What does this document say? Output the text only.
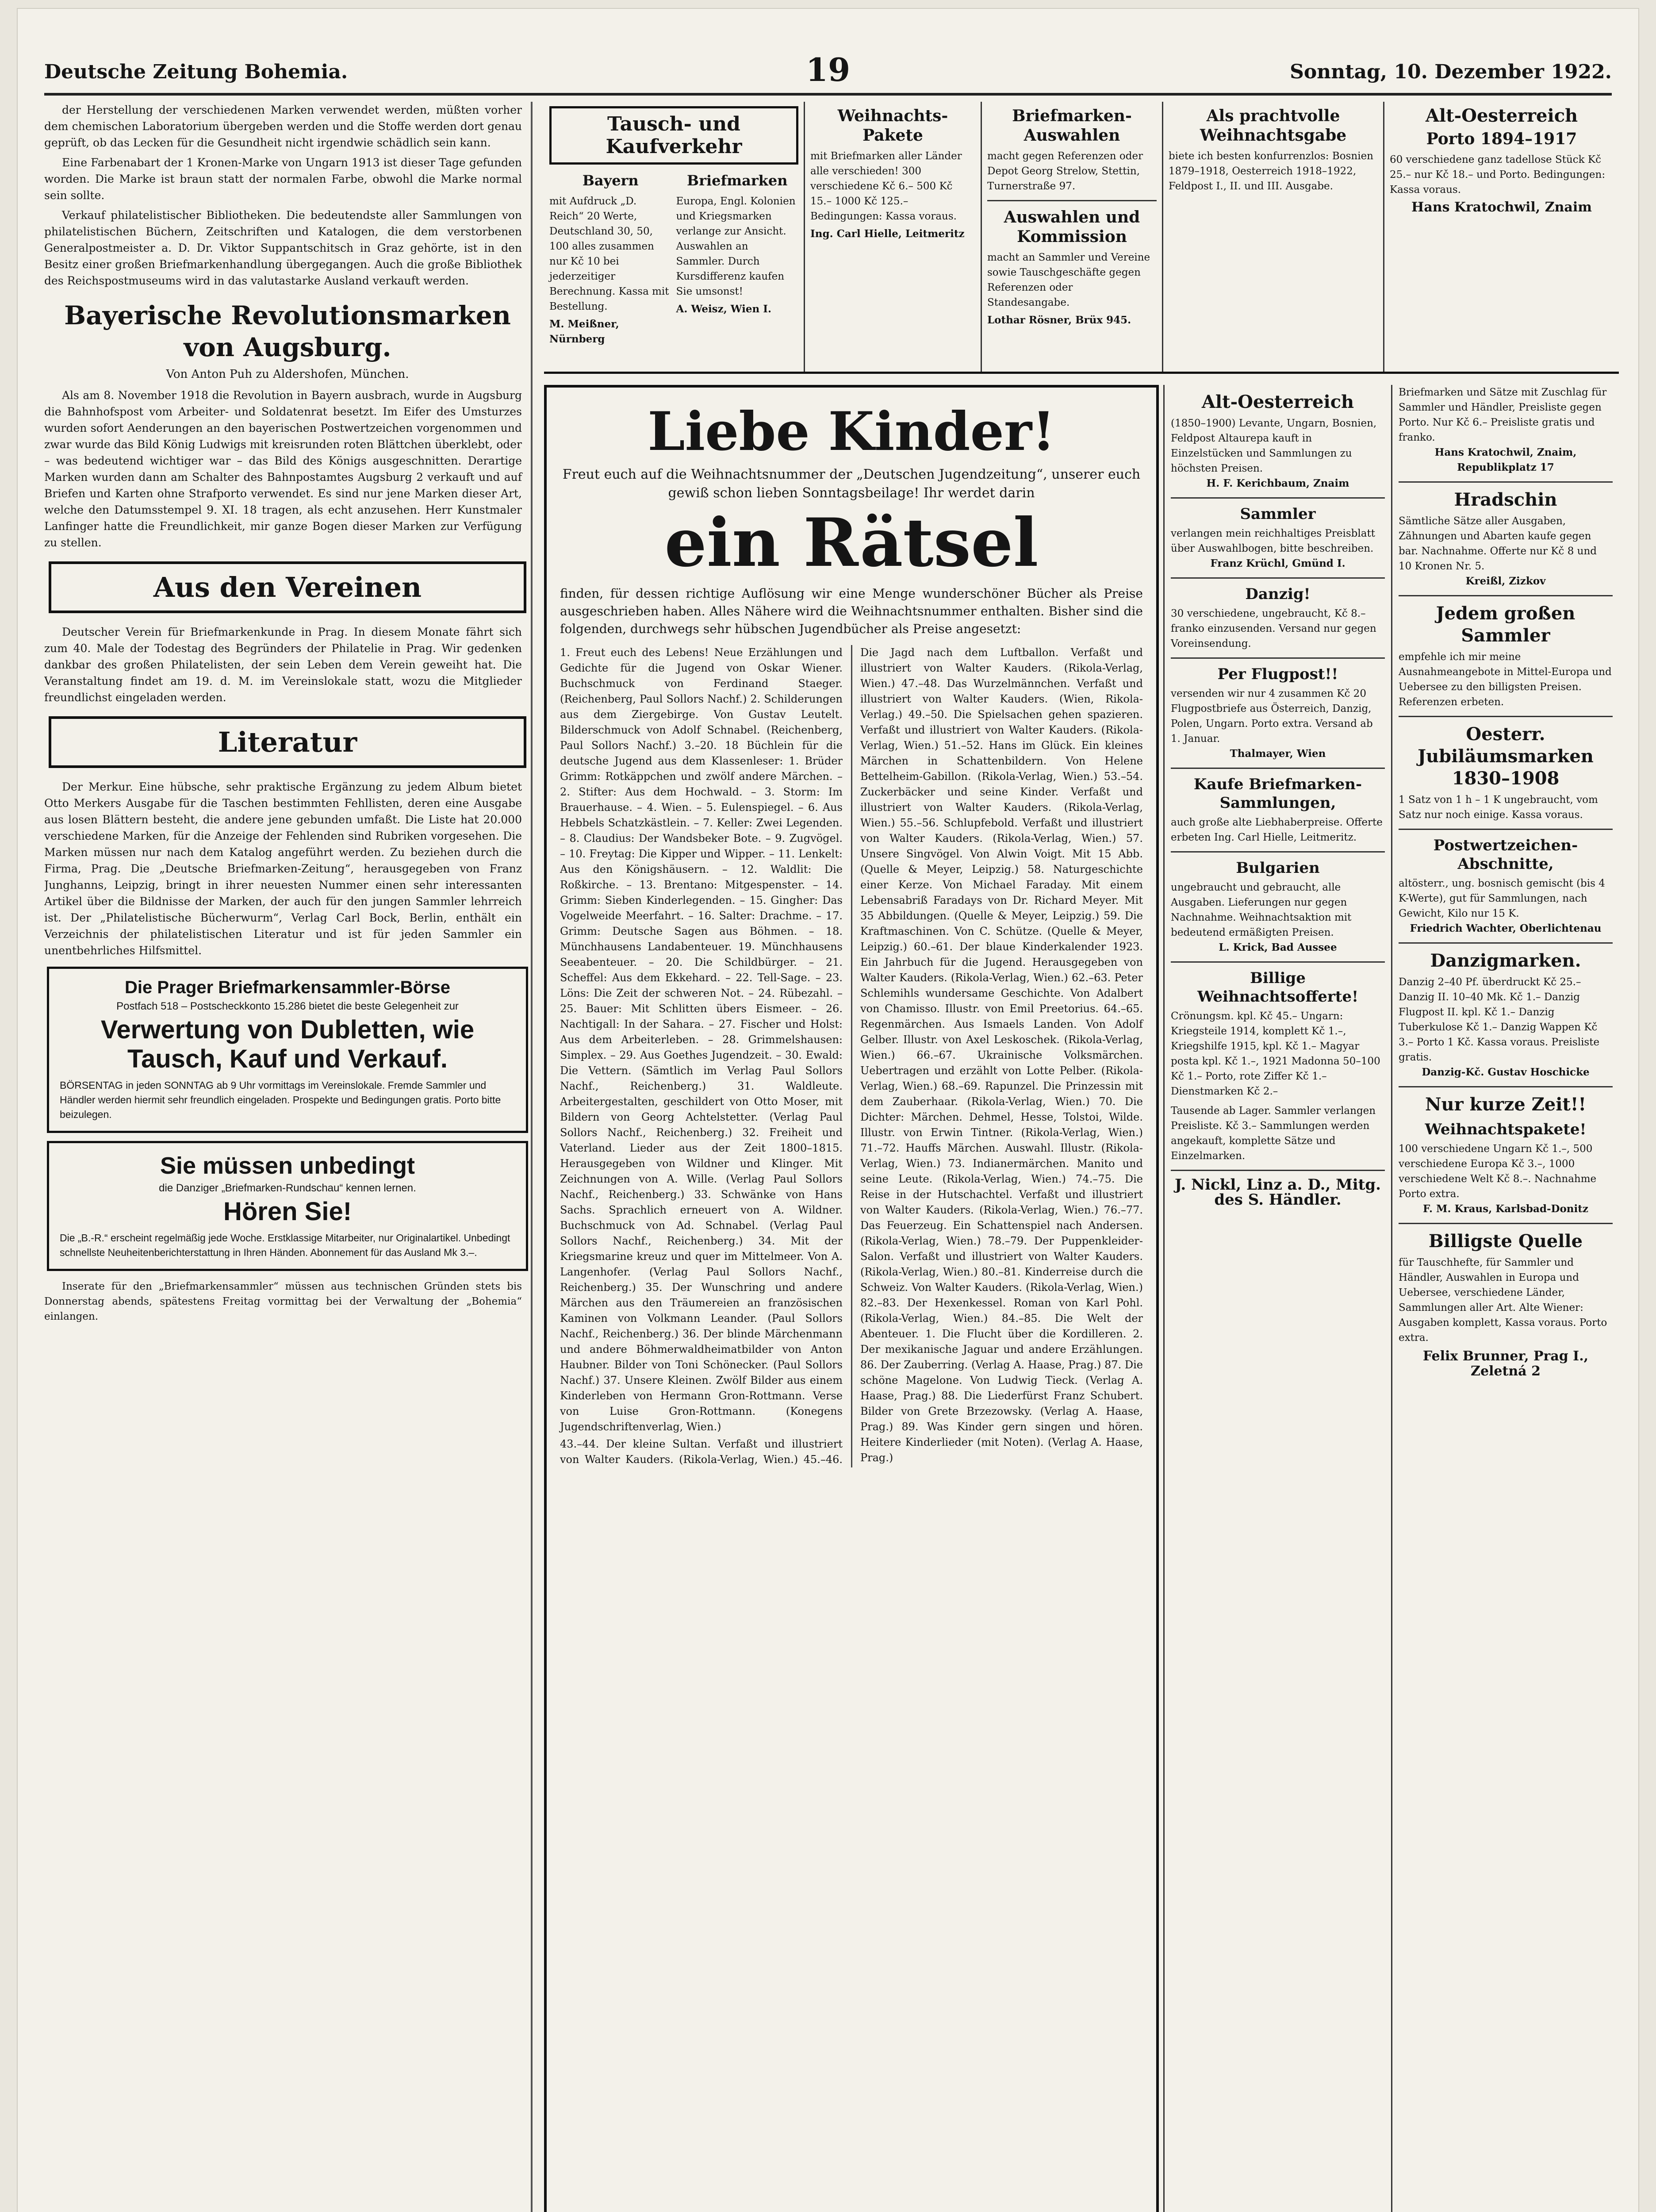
Deutsche Zeitung Bohemia.	19	Sonntag, 10. Dezember 1922.

der Herstellung der verschiedenen Marken verwendet werden, müßten vorher dem chemischen Laboratorium übergeben werden und die Stoffe werden dort genau geprüft, ob das Lecken für die Gesundheit nicht irgendwie schädlich sein kann.

Eine Farbenabart der 1 Kronen-Marke von Ungarn 1913 ist dieser Tage gefunden worden. Die Marke ist braun statt der normalen Farbe, obwohl die Marke normal sein sollte.

Verkauf philatelistischer Bibliotheken. Die bedeutendste aller Sammlungen von philatelistischen Büchern, Zeitschriften und Katalogen, die dem verstorbenen Generalpostmeister a. D. Dr. Viktor Suppantschitsch in Graz gehörte, ist in den Besitz einer großen Briefmarkenhandlung übergegangen. Auch die große Bibliothek des Reichspostmuseums wird in das valutastarke Ausland verkauft werden.

Bayerische Revolutionsmarken von Augsburg.
Von Anton Puh zu Aldershofen, München.

Als am 8. November 1918 die Revolution in Bayern ausbrach, wurde in Augsburg die Bahnhofspost vom Arbeiter- und Soldatenrat besetzt. Im Eifer des Umsturzes wurden sofort Aenderungen an den bayerischen Postwertzeichen vorgenommen und zwar wurde das Bild König Ludwigs mit kreisrunden roten Blättchen überklebt, oder – was bedeutend wichtiger war – das Bild des Königs ausgeschnitten. Derartige Marken wurden dann am Schalter des Bahnpostamtes Augsburg 2 verkauft und auf Briefen und Karten ohne Strafporto verwendet. Es sind nur jene Marken dieser Art, welche den Datumsstempel 9. XI. 18 tragen, als echt anzusehen. Herr Kunstmaler Lanfinger hatte die Freundlichkeit, mir ganze Bogen dieser Marken zur Verfügung zu stellen.

Aus den Vereinen

Deutscher Verein für Briefmarkenkunde in Prag. In diesem Monate fährt sich zum 40. Male der Todestag des Begründers der Philatelie in Prag. Wir gedenken dankbar des großen Philatelisten, der sein Leben dem Verein geweiht hat. Die Veranstaltung findet am 19. d. M. im Vereinslokale statt, wozu die Mitglieder freundlichst eingeladen werden.

Literatur

Der Merkur. Eine hübsche, sehr praktische Ergänzung zu jedem Album bietet Otto Merkers Ausgabe für die Taschen bestimmten Fehllisten, deren eine Ausgabe aus losen Blättern besteht, die andere jene gebunden umfaßt. Die Liste hat 20.000 verschiedene Marken, für die Anzeige der Fehlenden sind Rubriken vorgesehen. Die Marken müssen nur nach dem Katalog angeführt werden. Zu beziehen durch die Firma, Prag. Die „Deutsche Briefmarken-Zeitung“, herausgegeben von Franz Junghanns, Leipzig, bringt in ihrer neuesten Nummer einen sehr interessanten Artikel über die Bildnisse der Marken, der auch für den jungen Sammler lehrreich ist. Der „Philatelistische Bücherwurm“, Verlag Carl Bock, Berlin, enthält ein Verzeichnis der philatelistischen Literatur und ist für jeden Sammler ein unentbehrliches Hilfsmittel.

Die Prager Briefmarkensammler-Börse
Postfach 518 – Postscheckkonto 15.286 bietet die beste Gelegenheit zur
Verwertung von Dubletten, wie Tausch, Kauf und Verkauf.
BÖRSENTAG in jeden SONNTAG ab 9 Uhr vormittags im Vereinslokale. Fremde Sammler und Händler werden hiermit sehr freundlich eingeladen. Prospekte und Bedingungen gratis. Porto bitte beizulegen.
Sie müssen unbedingt
die Danziger „Briefmarken-Rundschau“ kennen lernen.
Hören Sie!
Die „B.-R.“ erscheint regelmäßig jede Woche. Erstklassige Mitarbeiter, nur Originalartikel. Unbedingt schnellste Neuheitenberichterstattung in Ihren Händen. Abonnement für das Ausland Mk 3.–.

Inserate für den „Briefmarkensammler“ müssen aus technischen Gründen stets bis Donnerstag abends, spätestens Freitag vormittag bei der Verwaltung der „Bohemia“ einlangen.

Tausch- und Kaufverkehr
Bayern
mit Aufdruck „D. Reich“ 20 Werte, Deutschland 30, 50, 100 alles zusammen nur Kč 10 bei jederzeitiger Berechnung. Kassa mit Bestellung.
M. Meißner, Nürnberg
Briefmarken
Europa, Engl. Kolonien und Kriegsmarken verlange zur Ansicht. Auswahlen an Sammler. Durch Kursdifferenz kaufen Sie umsonst!
A. Weisz, Wien I.
Weihnachts-Pakete
mit Briefmarken aller Länder alle verschieden! 300 verschiedene Kč 6.– 500 Kč 15.– 1000 Kč 125.– Bedingungen: Kassa voraus.
Ing. Carl Hielle, Leitmeritz
Briefmarken-Auswahlen
macht gegen Referenzen oder Depot Georg Strelow, Stettin, Turnerstraße 97.
Auswahlen und Kommission
macht an Sammler und Vereine sowie Tauschgeschäfte gegen Referenzen oder Standesangabe.
Lothar Rösner, Brüx 945.
Als prachtvolle Weihnachtsgabe
biete ich besten konfurrenzlos: Bosnien 1879–1918, Oesterreich 1918–1922, Feldpost I., II. und III. Ausgabe.
Alt-Oesterreich
Porto 1894–1917
60 verschiedene ganz tadellose Stück Kč 25.– nur Kč 18.– und Porto. Bedingungen: Kassa voraus.
Hans Kratochwil, Znaim
Liebe Kinder!
Freut euch auf die Weihnachtsnummer der „Deutschen Jugendzeitung“, unserer euch gewiß schon lieben Sonntagsbeilage! Ihr werdet darin
ein Rätsel
finden, für dessen richtige Auflösung wir eine Menge wunderschöner Bücher als Preise ausgeschrieben haben. Alles Nähere wird die Weihnachtsnummer enthalten. Bisher sind die folgenden, durchwegs sehr hübschen Jugendbücher als Preise angesetzt:

1. Freut euch des Lebens! Neue Erzählungen und Gedichte für die Jugend von Oskar Wiener. Buchschmuck von Ferdinand Staeger. (Reichenberg, Paul Sollors Nachf.) 2. Schilderungen aus dem Ziergebirge. Von Gustav Leutelt. Bilderschmuck von Adolf Schnabel. (Reichenberg, Paul Sollors Nachf.) 3.–20. 18 Büchlein für die deutsche Jugend aus dem Klassenleser: 1. Brüder Grimm: Rotkäppchen und zwölf andere Märchen. – 2. Stifter: Aus dem Hochwald. – 3. Storm: Im Brauerhause. – 4. Wien. – 5. Eulenspiegel. – 6. Aus Hebbels Schatzkästlein. – 7. Keller: Zwei Legenden. – 8. Claudius: Der Wandsbeker Bote. – 9. Zugvögel. – 10. Freytag: Die Kipper und Wipper. – 11. Lenkelt: Aus den Königshäusern. – 12. Waldlit: Die Roßkirche. – 13. Brentano: Mitgespenster. – 14. Grimm: Sieben Kinderlegenden. – 15. Gingher: Das Vogelweide Meerfahrt. – 16. Salter: Drachme. – 17. Grimm: Deutsche Sagen aus Böhmen. – 18. Münchhausens Landabenteuer. 19. Münchhausens Seeabenteuer. – 20. Die Schildbürger. – 21. Scheffel: Aus dem Ekkehard. – 22. Tell-Sage. – 23. Löns: Die Zeit der schweren Not. – 24. Rübezahl. – 25. Bauer: Mit Schlitten übers Eismeer. – 26. Nachtigall: In der Sahara. – 27. Fischer und Holst: Aus dem Arbeiterleben. – 28. Grimmelshausen: Simplex. – 29. Aus Goethes Jugendzeit. – 30. Ewald: Die Vettern. (Sämtlich im Verlag Paul Sollors Nachf., Reichenberg.) 31. Waldleute. Arbeitergestalten, geschildert von Otto Moser, mit Bildern von Georg Achtelstetter. (Verlag Paul Sollors Nachf., Reichenberg.) 32. Freiheit und Vaterland. Lieder aus der Zeit 1800–1815. Herausgegeben von Wildner und Klinger. Mit Zeichnungen von A. Wille. (Verlag Paul Sollors Nachf., Reichenberg.) 33. Schwänke von Hans Sachs. Sprachlich erneuert von A. Wildner. Buchschmuck von Ad. Schnabel. (Verlag Paul Sollors Nachf., Reichenberg.) 34. Mit der Kriegsmarine kreuz und quer im Mittelmeer. Von A. Langenhofer. (Verlag Paul Sollors Nachf., Reichenberg.) 35. Der Wunschring und andere Märchen aus den Träumereien an französischen Kaminen von Volkmann Leander. (Paul Sollors Nachf., Reichenberg.) 36. Der blinde Märchenmann und andere Böhmerwaldheimatbilder von Anton Haubner. Bilder von Toni Schönecker. (Paul Sollors Nachf.) 37. Unsere Kleinen. Zwölf Bilder aus einem Kinderleben von Hermann Gron-Rottmann. Verse von Luise Gron-Rottmann. (Konegens Jugendschriftenverlag, Wien.)

43.–44. Der kleine Sultan. Verfaßt und illustriert von Walter Kauders. (Rikola-Verlag, Wien.) 45.–46. Die Jagd nach dem Luftballon. Verfaßt und illustriert von Walter Kauders. (Rikola-Verlag, Wien.) 47.–48. Das Wurzelmännchen. Verfaßt und illustriert von Walter Kauders. (Wien, Rikola-Verlag.) 49.–50. Die Spielsachen gehen spazieren. Verfaßt und illustriert von Walter Kauders. (Rikola-Verlag, Wien.) 51.–52. Hans im Glück. Ein kleines Märchen in Schattenbildern. Von Helene Bettelheim-Gabillon. (Rikola-Verlag, Wien.) 53.–54. Zuckerbäcker und seine Kinder. Verfaßt und illustriert von Walter Kauders. (Rikola-Verlag, Wien.) 55.–56. Schlupfebold. Verfaßt und illustriert von Walter Kauders. (Rikola-Verlag, Wien.) 57. Unsere Singvögel. Von Alwin Voigt. Mit 15 Abb. (Quelle & Meyer, Leipzig.) 58. Naturgeschichte einer Kerze. Von Michael Faraday. Mit einem Lebensabriß Faradays von Dr. Richard Meyer. Mit 35 Abbildungen. (Quelle & Meyer, Leipzig.) 59. Die Kraftmaschinen. Von C. Schütze. (Quelle & Meyer, Leipzig.) 60.–61. Der blaue Kinderkalender 1923. Ein Jahrbuch für die Jugend. Herausgegeben von Walter Kauders. (Rikola-Verlag, Wien.) 62.–63. Peter Schlemihls wundersame Geschichte. Von Adalbert von Chamisso. Illustr. von Emil Preetorius. 64.–65. Regenmärchen. Aus Ismaels Landen. Von Adolf Gelber. Illustr. von Axel Leskoschek. (Rikola-Verlag, Wien.) 66.–67. Ukrainische Volksmärchen. Uebertragen und erzählt von Lotte Pelber. (Rikola-Verlag, Wien.) 68.–69. Rapunzel. Die Prinzessin mit dem Zauberhaar. (Rikola-Verlag, Wien.) 70. Die Dichter: Märchen. Dehmel, Hesse, Tolstoi, Wilde. Illustr. von Erwin Tintner. (Rikola-Verlag, Wien.) 71.–72. Hauffs Märchen. Auswahl. Illustr. (Rikola-Verlag, Wien.) 73. Indianermärchen. Manito und seine Leute. (Rikola-Verlag, Wien.) 74.–75. Die Reise in der Hutschachtel. Verfaßt und illustriert von Walter Kauders. (Rikola-Verlag, Wien.) 76.–77. Das Feuerzeug. Ein Schattenspiel nach Andersen. (Rikola-Verlag, Wien.) 78.–79. Der Puppenkleider-Salon. Verfaßt und illustriert von Walter Kauders. (Rikola-Verlag, Wien.) 80.–81. Kinderreise durch die Schweiz. Von Walter Kauders. (Rikola-Verlag, Wien.) 82.–83. Der Hexenkessel. Roman von Karl Pohl. (Rikola-Verlag, Wien.) 84.–85. Die Welt der Abenteuer. 1. Die Flucht über die Kordilleren. 2. Der mexikanische Jaguar und andere Erzählungen. 86. Der Zauberring. (Verlag A. Haase, Prag.) 87. Die schöne Magelone. Von Ludwig Tieck. (Verlag A. Haase, Prag.) 88. Die Liederfürst Franz Schubert. Bilder von Grete Brzezowsky. (Verlag A. Haase, Prag.) 89. Was Kinder gern singen und hören. Heitere Kinderlieder (mit Noten). (Verlag A. Haase, Prag.)

Alt-Oesterreich
(1850–1900) Levante, Ungarn, Bosnien, Feldpost Altaurepa kauft in Einzelstücken und Sammlungen zu höchsten Preisen.
H. F. Kerichbaum, Znaim
Sammler
verlangen mein reichhaltiges Preisblatt über Auswahlbogen, bitte beschreiben.
Franz Krüchl, Gmünd I.
Danzig!
30 verschiedene, ungebraucht, Kč 8.– franko einzusenden. Versand nur gegen Voreinsendung.
Per Flugpost!!
versenden wir nur 4 zusammen Kč 20 Flugpostbriefe aus Österreich, Danzig, Polen, Ungarn. Porto extra. Versand ab 1. Januar.
Thalmayer, Wien
Kaufe Briefmarken-Sammlungen,
auch große alte Liebhaberpreise. Offerte erbeten Ing. Carl Hielle, Leitmeritz.
Bulgarien
ungebraucht und gebraucht, alle Ausgaben. Lieferungen nur gegen Nachnahme. Weihnachtsaktion mit bedeutend ermäßigten Preisen.
L. Krick, Bad Aussee
Billige Weihnachtsofferte!
Crönungsm. kpl. Kč 45.– Ungarn: Kriegsteile 1914, komplett Kč 1.–, Kriegshilfe 1915, kpl. Kč 1.– Magyar posta kpl. Kč 1.–, 1921 Madonna 50–100 Kč 1.– Porto, rote Ziffer Kč 1.– Dienstmarken Kč 2.–
Tausende ab Lager. Sammler verlangen Preisliste. Kč 3.– Sammlungen werden angekauft, komplette Sätze und Einzelmarken.
J. Nickl, Linz a. D., Mitg. des S. Händler.
Briefmarken und Sätze mit Zuschlag für Sammler und Händler, Preisliste gegen Porto. Nur Kč 6.– Preisliste gratis und franko.
Hans Kratochwil, Znaim, Republikplatz 17
Hradschin
Sämtliche Sätze aller Ausgaben, Zähnungen und Abarten kaufe gegen bar. Nachnahme. Offerte nur Kč 8 und 10 Kronen Nr. 5.
Kreißl, Zizkov
Jedem großen Sammler
empfehle ich mir meine Ausnahmeangebote in Mittel-Europa und Uebersee zu den billigsten Preisen. Referenzen erbeten.
Oesterr. Jubiläumsmarken 1830–1908
1 Satz von 1 h – 1 K ungebraucht, vom Satz nur noch einige. Kassa voraus.
Postwertzeichen-Abschnitte,
altösterr., ung. bosnisch gemischt (bis 4 K-Werte), gut für Sammlungen, nach Gewicht, Kilo nur 15 K.
Friedrich Wachter, Oberlichtenau
Danzigmarken.
Danzig 2–40 Pf. überdruckt Kč 25.– Danzig II. 10–40 Mk. Kč 1.– Danzig Flugpost II. kpl. Kč 1.– Danzig Tuberkulose Kč 1.– Danzig Wappen Kč 3.– Porto 1 Kč. Kassa voraus. Preisliste gratis.
Danzig-Kč. Gustav Hoschicke
Nur kurze Zeit!!
Weihnachtspakete!
100 verschiedene Ungarn Kč 1.–, 500 verschiedene Europa Kč 3.–, 1000 verschiedene Welt Kč 8.–. Nachnahme Porto extra.
F. M. Kraus, Karlsbad-Donitz
Billigste Quelle
für Tauschhefte, für Sammler und Händler, Auswahlen in Europa und Uebersee, verschiedene Länder, Sammlungen aller Art. Alte Wiener: Ausgaben komplett, Kassa voraus. Porto extra.
Felix Brunner, Prag I., Zeletná 2
